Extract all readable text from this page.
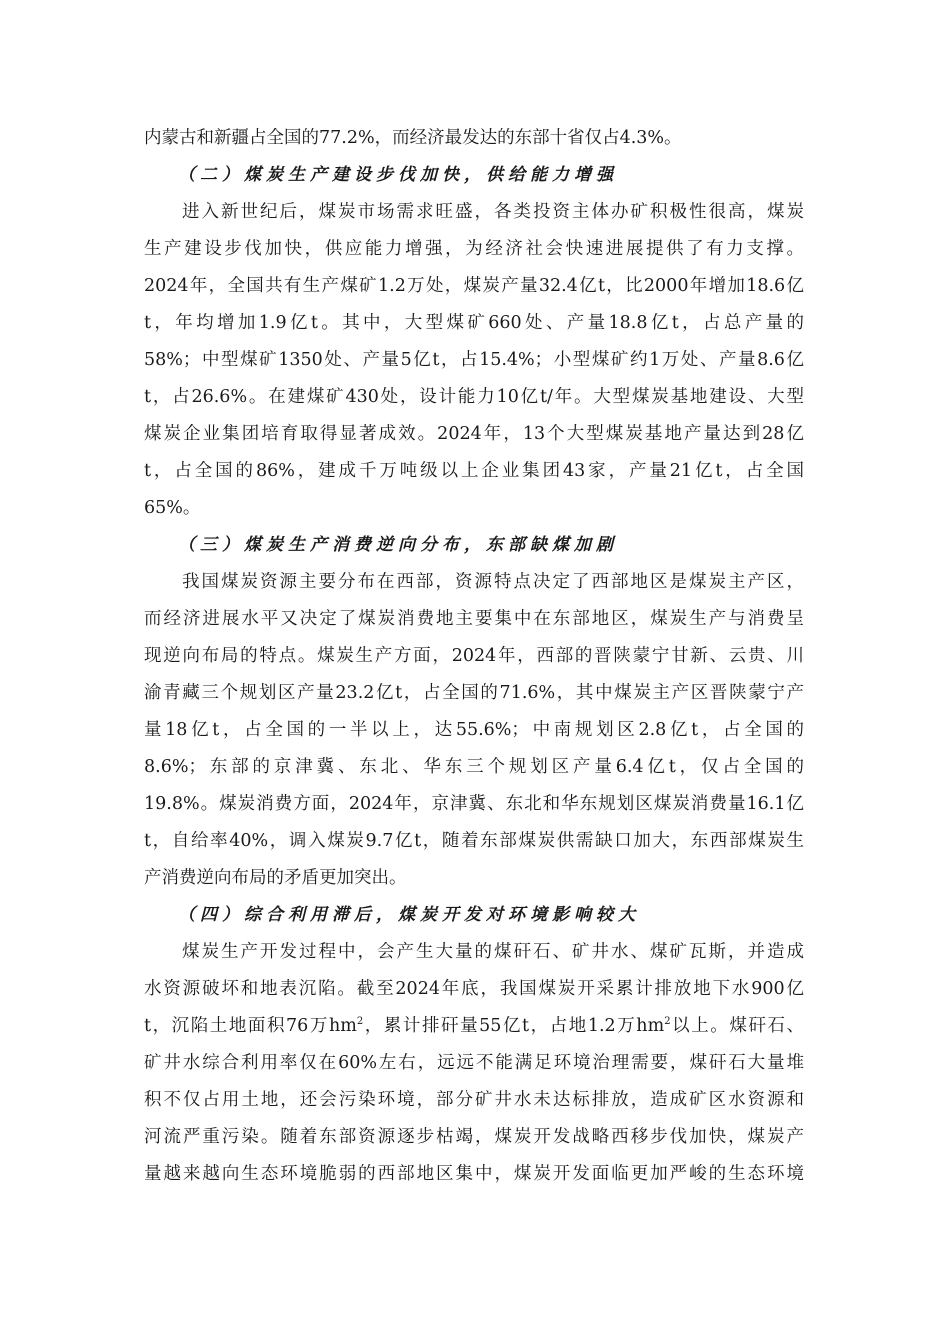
内蒙古和新疆占全国的77.2%，而经济最发达的东部十省仅占4.3%。
（二）煤炭生产建设步伐加快，供给能力增强
进入新世纪后，煤炭市场需求旺盛，各类投资主体办矿积极性很高，煤炭
生产建设步伐加快，供应能力增强，为经济社会快速进展提供了有力支撑。
2024年，全国共有生产煤矿1.2万处，煤炭产量32.4亿t，比2000年增加18.6亿
t，年均增加1.9亿t。其中，大型煤矿660处、产量18.8亿t，占总产量的
58%；中型煤矿1350处、产量5亿t，占15.4%；小型煤矿约1万处、产量8.6亿
t，占26.6%。在建煤矿430处，设计能力10亿t/年。大型煤炭基地建设、大型
煤炭企业集团培育取得显著成效。2024年，13个大型煤炭基地产量达到28亿
t，占全国的86%，建成千万吨级以上企业集团43家，产量21亿t，占全国
65%。
（三）煤炭生产消费逆向分布，东部缺煤加剧
我国煤炭资源主要分布在西部，资源特点决定了西部地区是煤炭主产区，
而经济进展水平又决定了煤炭消费地主要集中在东部地区，煤炭生产与消费呈
现逆向布局的特点。煤炭生产方面，2024年，西部的晋陕蒙宁甘新、云贵、川
渝青藏三个规划区产量23.2亿t，占全国的71.6%，其中煤炭主产区晋陕蒙宁产
量18亿t，占全国的一半以上，达55.6%；中南规划区2.8亿t，占全国的
8.6%；东部的京津冀、东北、华东三个规划区产量6.4亿t，仅占全国的
19.8%。煤炭消费方面，2024年，京津冀、东北和华东规划区煤炭消费量16.1亿
t，自给率40%，调入煤炭9.7亿t，随着东部煤炭供需缺口加大，东西部煤炭生
产消费逆向布局的矛盾更加突出。
（四）综合利用滞后，煤炭开发对环境影响较大
煤炭生产开发过程中，会产生大量的煤矸石、矿井水、煤矿瓦斯，并造成
水资源破坏和地表沉陷。截至2024年底，我国煤炭开采累计排放地下水900亿
t，沉陷土地面积76万$hm^2$，累计排矸量55亿t，占地1.2万$hm^2$以上。煤矸石、
矿井水综合利用率仅在60%左右，远远不能满足环境治理需要，煤矸石大量堆
积不仅占用土地，还会污染环境，部分矿井水未达标排放，造成矿区水资源和
河流严重污染。随着东部资源逐步枯竭，煤炭开发战略西移步伐加快，煤炭产
量越来越向生态环境脆弱的西部地区集中，煤炭开发面临更加严峻的生态环境
